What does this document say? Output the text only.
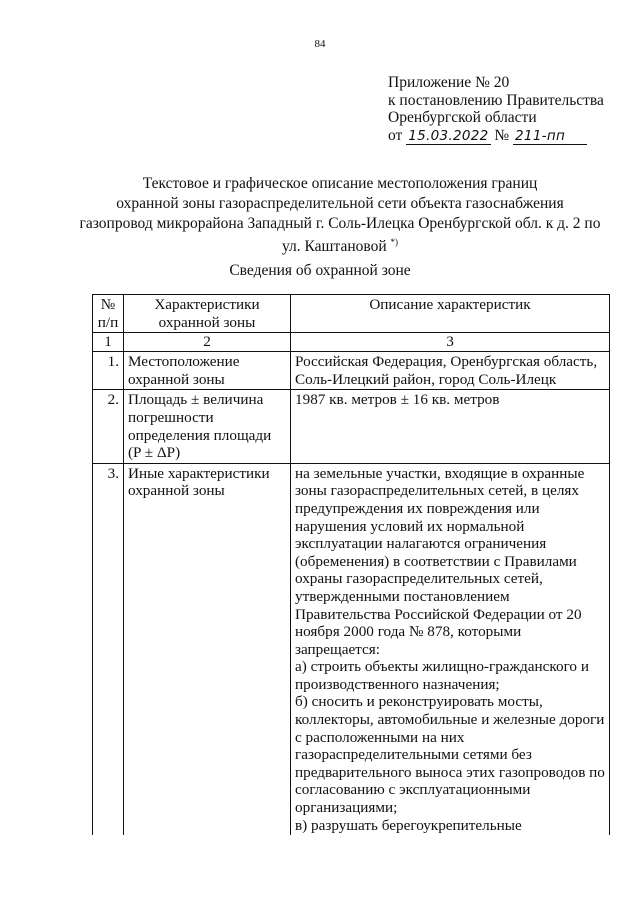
84
Приложение № 20
к постановлению Правительства
Оренбургской области
от 15.03.2022 № 211-пп
Текстовое и графическое описание местоположения границ
охранной зоны газораспределительной сети объекта газоснабжения
газопровод микрорайона Западный г. Соль-Илецка Оренбургской обл. к д. 2 по
ул. Каштановой *)
Сведения об охранной зоне
№ п/п	Характеристики охранной зоны	Описание характеристик
1	2	3
1.	Местоположение охранной зоны	Российская Федерация, Оренбургская область, Соль-Илецкий район, город Соль-Илецк

2.	Площадь ± величина погрешности определения площади (P ± ΔP)	1987 кв. метров ± 16 кв. метров

3.	Иные характеристики охранной зоны	на земельные участки, входящие в охранные зоны газораспределительных сетей, в целях предупреждения их повреждения или нарушения условий их нормальной эксплуатации налагаются ограничения (обременения) в соответствии с Правилами охраны газораспределительных сетей, утвержденными постановлением Правительства Российской Федерации от 20 ноября 2000 года № 878, которыми запрещается:
а) строить объекты жилищно-гражданского и производственного назначения;
б) сносить и реконструировать мосты, коллекторы, автомобильные и железные дороги с расположенными на них газораспределительными сетями без предварительного выноса этих газопроводов по согласованию с эксплуатационными организациями;
в) разрушать берегоукрепительные
